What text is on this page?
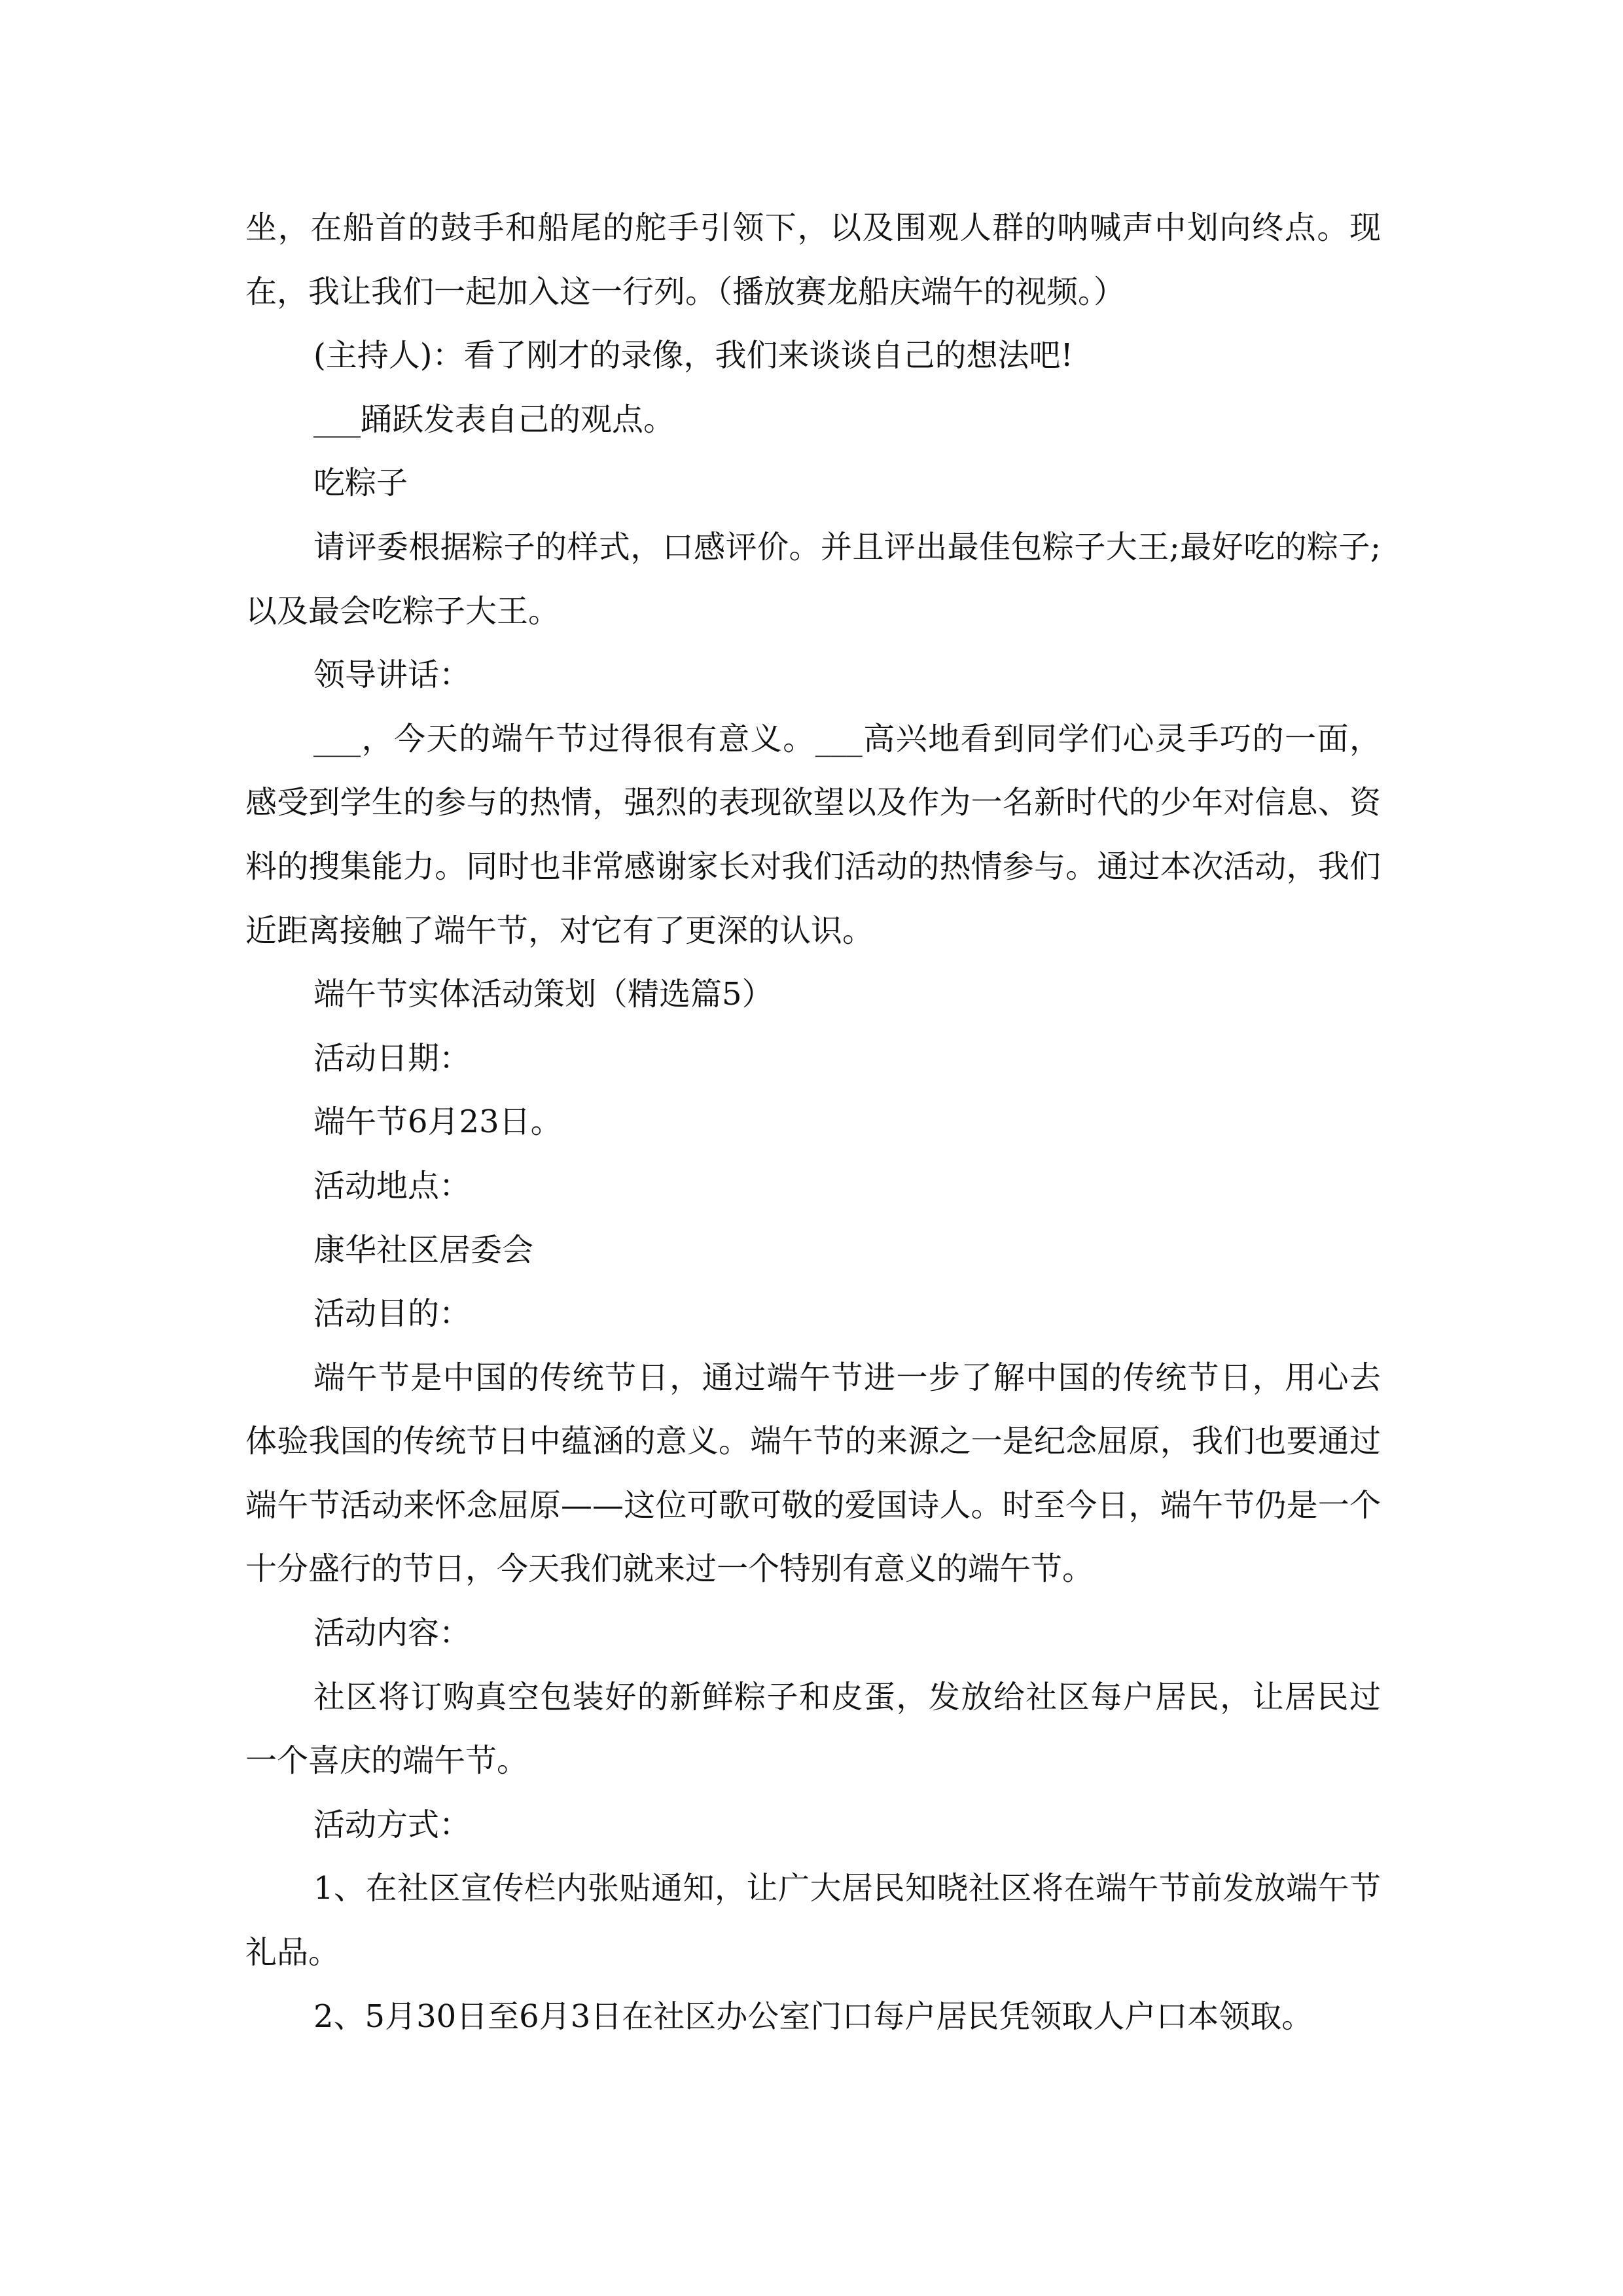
坐，在船首的鼓手和船尾的舵手引领下，以及围观人群的呐喊声中划向终点。现在，我让我们一起加入这一行列。（播放赛龙船庆端午的视频。）

(主持人)：看了刚才的录像，我们来谈谈自己的想法吧!

___踊跃发表自己的观点。

吃粽子

请评委根据粽子的样式，口感评价。并且评出最佳包粽子大王;最好吃的粽子;以及最会吃粽子大王。

领导讲话：

___，今天的端午节过得很有意义。___高兴地看到同学们心灵手巧的一面，感受到学生的参与的热情，强烈的表现欲望以及作为一名新时代的少年对信息、资料的搜集能力。同时也非常感谢家长对我们活动的热情参与。通过本次活动，我们近距离接触了端午节，对它有了更深的认识。

端午节实体活动策划（精选篇5）

活动日期：

端午节6月23日。

活动地点：

康华社区居委会

活动目的：

端午节是中国的传统节日，通过端午节进一步了解中国的传统节日，用心去体验我国的传统节日中蕴涵的意义。端午节的来源之一是纪念屈原，我们也要通过端午节活动来怀念屈原——这位可歌可敬的爱国诗人。时至今日，端午节仍是一个十分盛行的节日，今天我们就来过一个特别有意义的端午节。

活动内容：

社区将订购真空包装好的新鲜粽子和皮蛋，发放给社区每户居民，让居民过一个喜庆的端午节。

活动方式：

1、在社区宣传栏内张贴通知，让广大居民知晓社区将在端午节前发放端午节礼品。

2、5月30日至6月3日在社区办公室门口每户居民凭领取人户口本领取。
